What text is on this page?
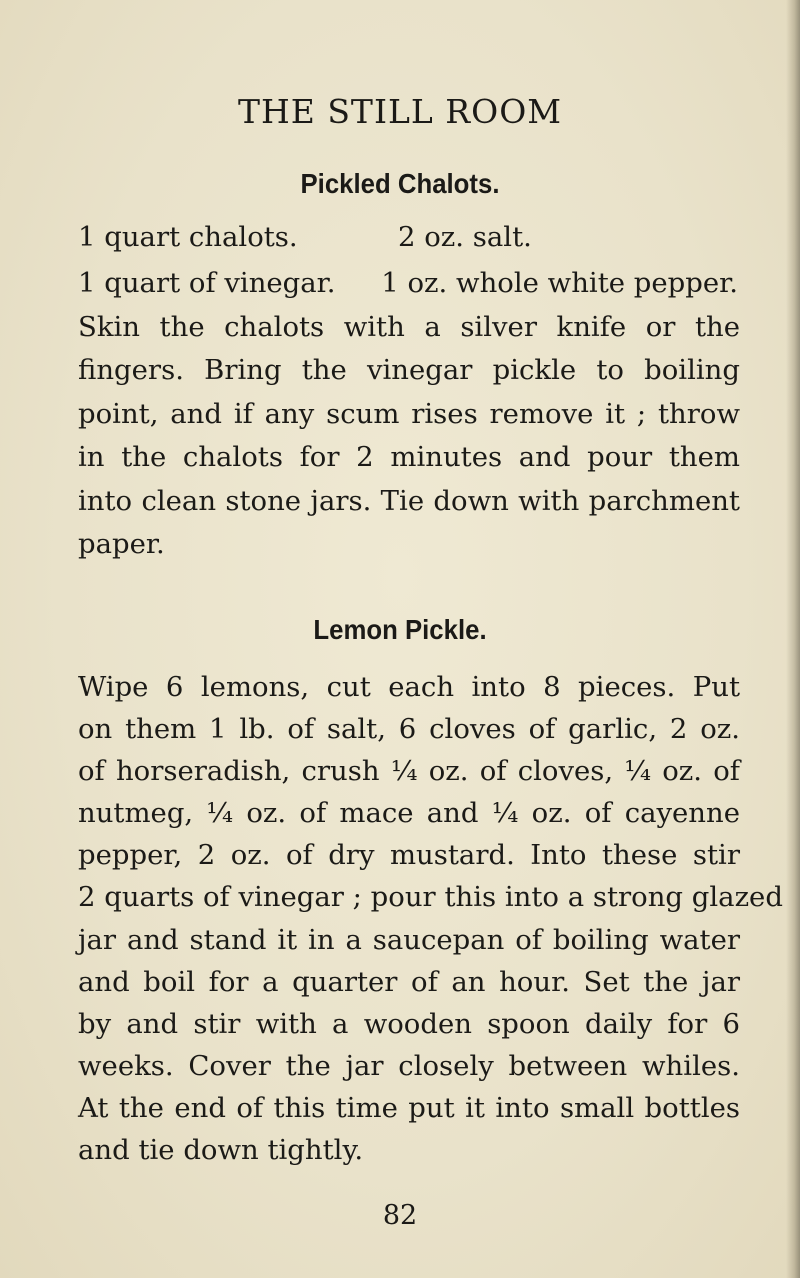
THE STILL ROOM
Pickled Chalots.
1 quart chalots.	2 oz. salt.
1 quart of vinegar.	1 oz. whole white pepper.
Skin the chalots with a silver knife or the
fingers. Bring the vinegar pickle to boiling
point, and if any scum rises remove it ; throw
in the chalots for 2 minutes and pour them
into clean stone jars. Tie down with parchment
paper.
Lemon Pickle.
Wipe 6 lemons, cut each into 8 pieces. Put
on them 1 lb. of salt, 6 cloves of garlic, 2 oz.
of horseradish, crush ¼ oz. of cloves, ¼ oz. of
nutmeg, ¼ oz. of mace and ¼ oz. of cayenne
pepper, 2 oz. of dry mustard. Into these stir
2 quarts of vinegar ; pour this into a strong glazed
jar and stand it in a saucepan of boiling water
and boil for a quarter of an hour. Set the jar
by and stir with a wooden spoon daily for 6
weeks. Cover the jar closely between whiles.
At the end of this time put it into small bottles
and tie down tightly.
82
